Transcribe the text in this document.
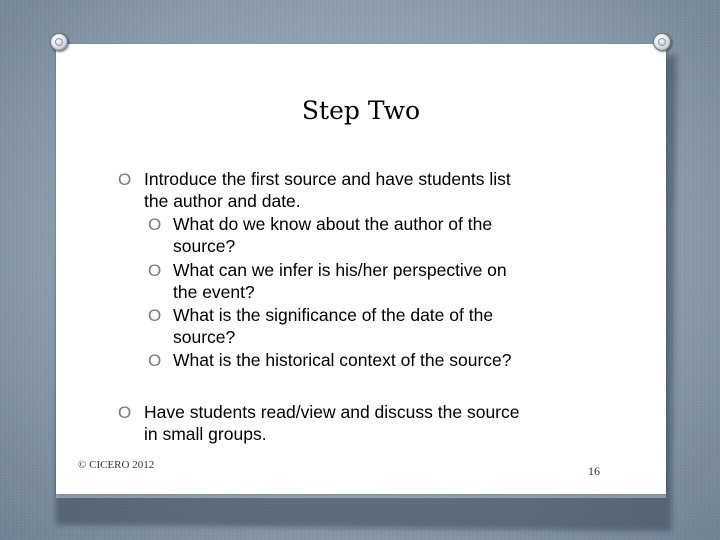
Step Two
O Introduce the first source and have students list
the author and date.
O What do we know about the author of the
source?
O What can we infer is his/her perspective on
the event?
O What is the significance of the date of the
source?
O What is the historical context of the source?
O Have students read/view and discuss the source
in small groups.
© CICERO 2012	16
